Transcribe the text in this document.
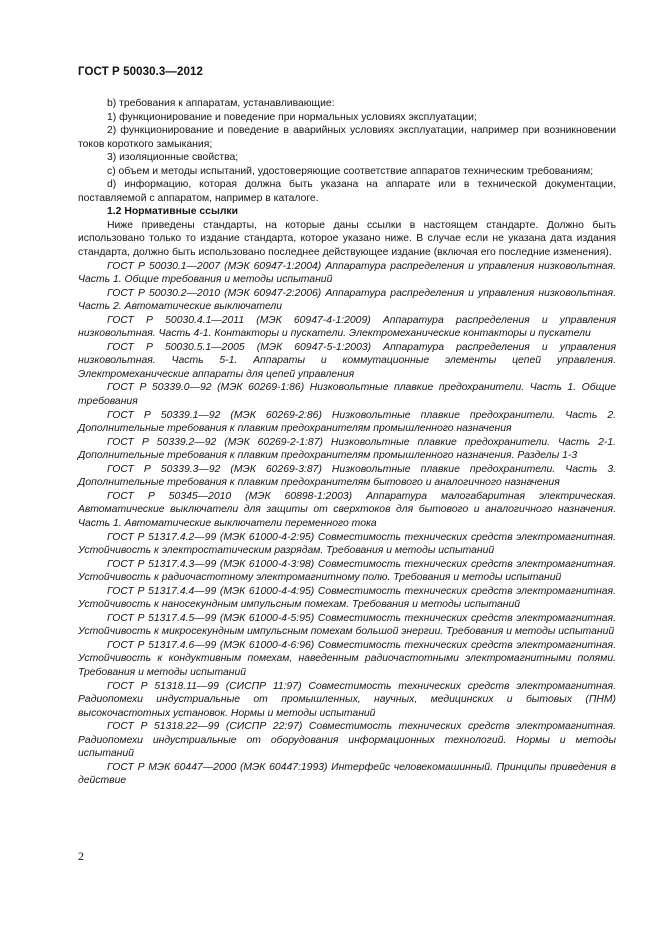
ГОСТ Р 50030.3—2012

b) требования к аппаратам, устанавливающие:

1) функционирование и поведение при нормальных условиях эксплуатации;

2) функционирование и поведение в аварийных условиях эксплуатации, например при возникновении токов короткого замыкания;

3) изоляционные свойства;

c) объем и методы испытаний, удостоверяющие соответствие аппаратов техническим требованиям;

d) информацию, которая должна быть указана на аппарате или в технической документации, поставляемой с аппаратом, например в каталоге.

1.2 Нормативные ссылки

Ниже приведены стандарты, на которые даны ссылки в настоящем стандарте. Должно быть использовано только то издание стандарта, которое указано ниже. В случае если не указана дата издания стандарта, должно быть использовано последнее действующее издание (включая его последние изменения).

ГОСТ Р 50030.1—2007 (МЭК 60947-1:2004) Аппаратура распределения и управления низковольтная. Часть 1. Общие требования и методы испытаний

ГОСТ Р 50030.2—2010 (МЭК 60947-2:2006) Аппаратура распределения и управления низковольтная. Часть 2. Автоматические выключатели

ГОСТ Р 50030.4.1—2011 (МЭК 60947-4-1:2009) Аппаратура распределения и управления низковольтная. Часть 4-1. Контакторы и пускатели. Электромеханические контакторы и пускатели

ГОСТ Р 50030.5.1—2005 (МЭК 60947-5-1:2003) Аппаратура распределения и управления низковольтная. Часть 5-1. Аппараты и коммутационные элементы цепей управления. Электромеханические аппараты для цепей управления

ГОСТ Р 50339.0—92 (МЭК 60269-1:86) Низковольтные плавкие предохранители. Часть 1. Общие требования

ГОСТ Р 50339.1—92 (МЭК 60269-2:86) Низковольтные плавкие предохранители. Часть 2. Дополнительные требования к плавким предохранителям промышленного назначения

ГОСТ Р 50339.2—92 (МЭК 60269-2-1:87) Низковольтные плавкие предохранители. Часть 2-1. Дополнительные требования к плавким предохранителям промышленного назначения. Разделы 1-3

ГОСТ Р 50339.3—92 (МЭК 60269-3:87) Низковольтные плавкие предохранители. Часть 3. Дополнительные требования к плавким предохранителям бытового и аналогичного назначения

ГОСТ Р 50345—2010 (МЭК 60898-1:2003) Аппаратура малогабаритная электрическая. Автоматические выключатели для защиты от сверхтоков для бытового и аналогичного назначения. Часть 1. Автоматические выключатели переменного тока

ГОСТ Р 51317.4.2—99 (МЭК 61000-4-2:95) Совместимость технических средств электромагнитная. Устойчивость к электростатическим разрядам. Требования и методы испытаний

ГОСТ Р 51317.4.3—99 (МЭК 61000-4-3:98) Совместимость технических средств электромагнитная. Устойчивость к радиочастотному электромагнитному полю. Требования и методы испытаний

ГОСТ Р 51317.4.4—99 (МЭК 61000-4-4:95) Совместимость технических средств электромагнитная. Устойчивость к наносекундным импульсным помехам. Требования и методы испытаний

ГОСТ Р 51317.4.5—99 (МЭК 61000-4-5:95) Совместимость технических средств электромагнитная. Устойчивость к микросекундным импульсным помехам большой энергии. Требования и методы испытаний

ГОСТ Р 51317.4.6—99 (МЭК 61000-4-6:96) Совместимость технических средств электромагнитная. Устойчивость к кондуктивным помехам, наведенным радиочастотными электромагнитными полями. Требования и методы испытаний

ГОСТ Р 51318.11—99 (СИСПР 11:97) Совместимость технических средств электромагнитная. Радиопомехи индустриальные от промышленных, научных, медицинских и бытовых (ПНМ) высокочастотных установок. Нормы и методы испытаний

ГОСТ Р 51318.22—99 (СИСПР 22:97) Совместимость технических средств электромагнитная. Радиопомехи индустриальные от оборудования информационных технологий. Нормы и методы испытаний

ГОСТ Р МЭК 60447—2000 (МЭК 60447:1993) Интерфейс человекомашинный. Принципы приведения в действие

2
